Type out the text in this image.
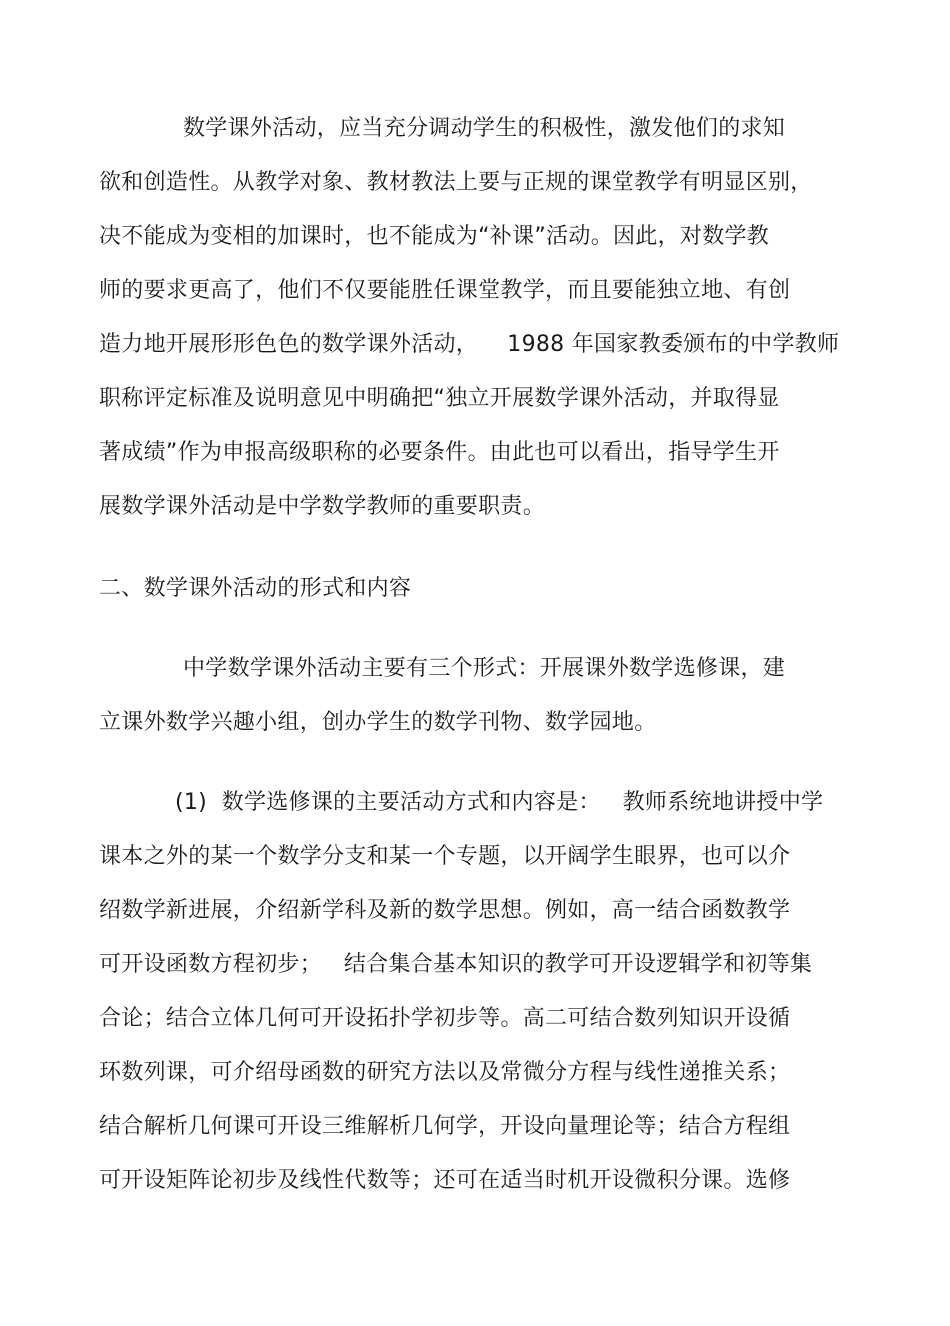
数学课外活动，应当充分调动学生的积极性，激发他们的求知
欲和创造性。从教学对象、教材教法上要与正规的课堂教学有明显区别，
决不能成为变相的加课时，也不能成为“补课”活动。因此，对数学教
师的要求更高了，他们不仅要能胜任课堂教学，而且要能独立地、有创
造力地开展形形色色的数学课外活动，    1988 年国家教委颁布的中学教师
职称评定标准及说明意见中明确把“独立开展数学课外活动，并取得显
著成绩”作为申报高级职称的必要条件。由此也可以看出，指导学生开
展数学课外活动是中学数学教师的重要职责。
二、数学课外活动的形式和内容
中学数学课外活动主要有三个形式：开展课外数学选修课，建
立课外数学兴趣小组，创办学生的数学刊物、数学园地。
(1)  数学选修课的主要活动方式和内容是：   教师系统地讲授中学
课本之外的某一个数学分支和某一个专题，以开阔学生眼界，也可以介
绍数学新进展，介绍新学科及新的数学思想。例如，高一结合函数教学
可开设函数方程初步；   结合集合基本知识的教学可开设逻辑学和初等集
合论；结合立体几何可开设拓扑学初步等。高二可结合数列知识开设循
环数列课，可介绍母函数的研究方法以及常微分方程与线性递推关系；
结合解析几何课可开设三维解析几何学，开设向量理论等；结合方程组
可开设矩阵论初步及线性代数等；还可在适当时机开设微积分课。选修
